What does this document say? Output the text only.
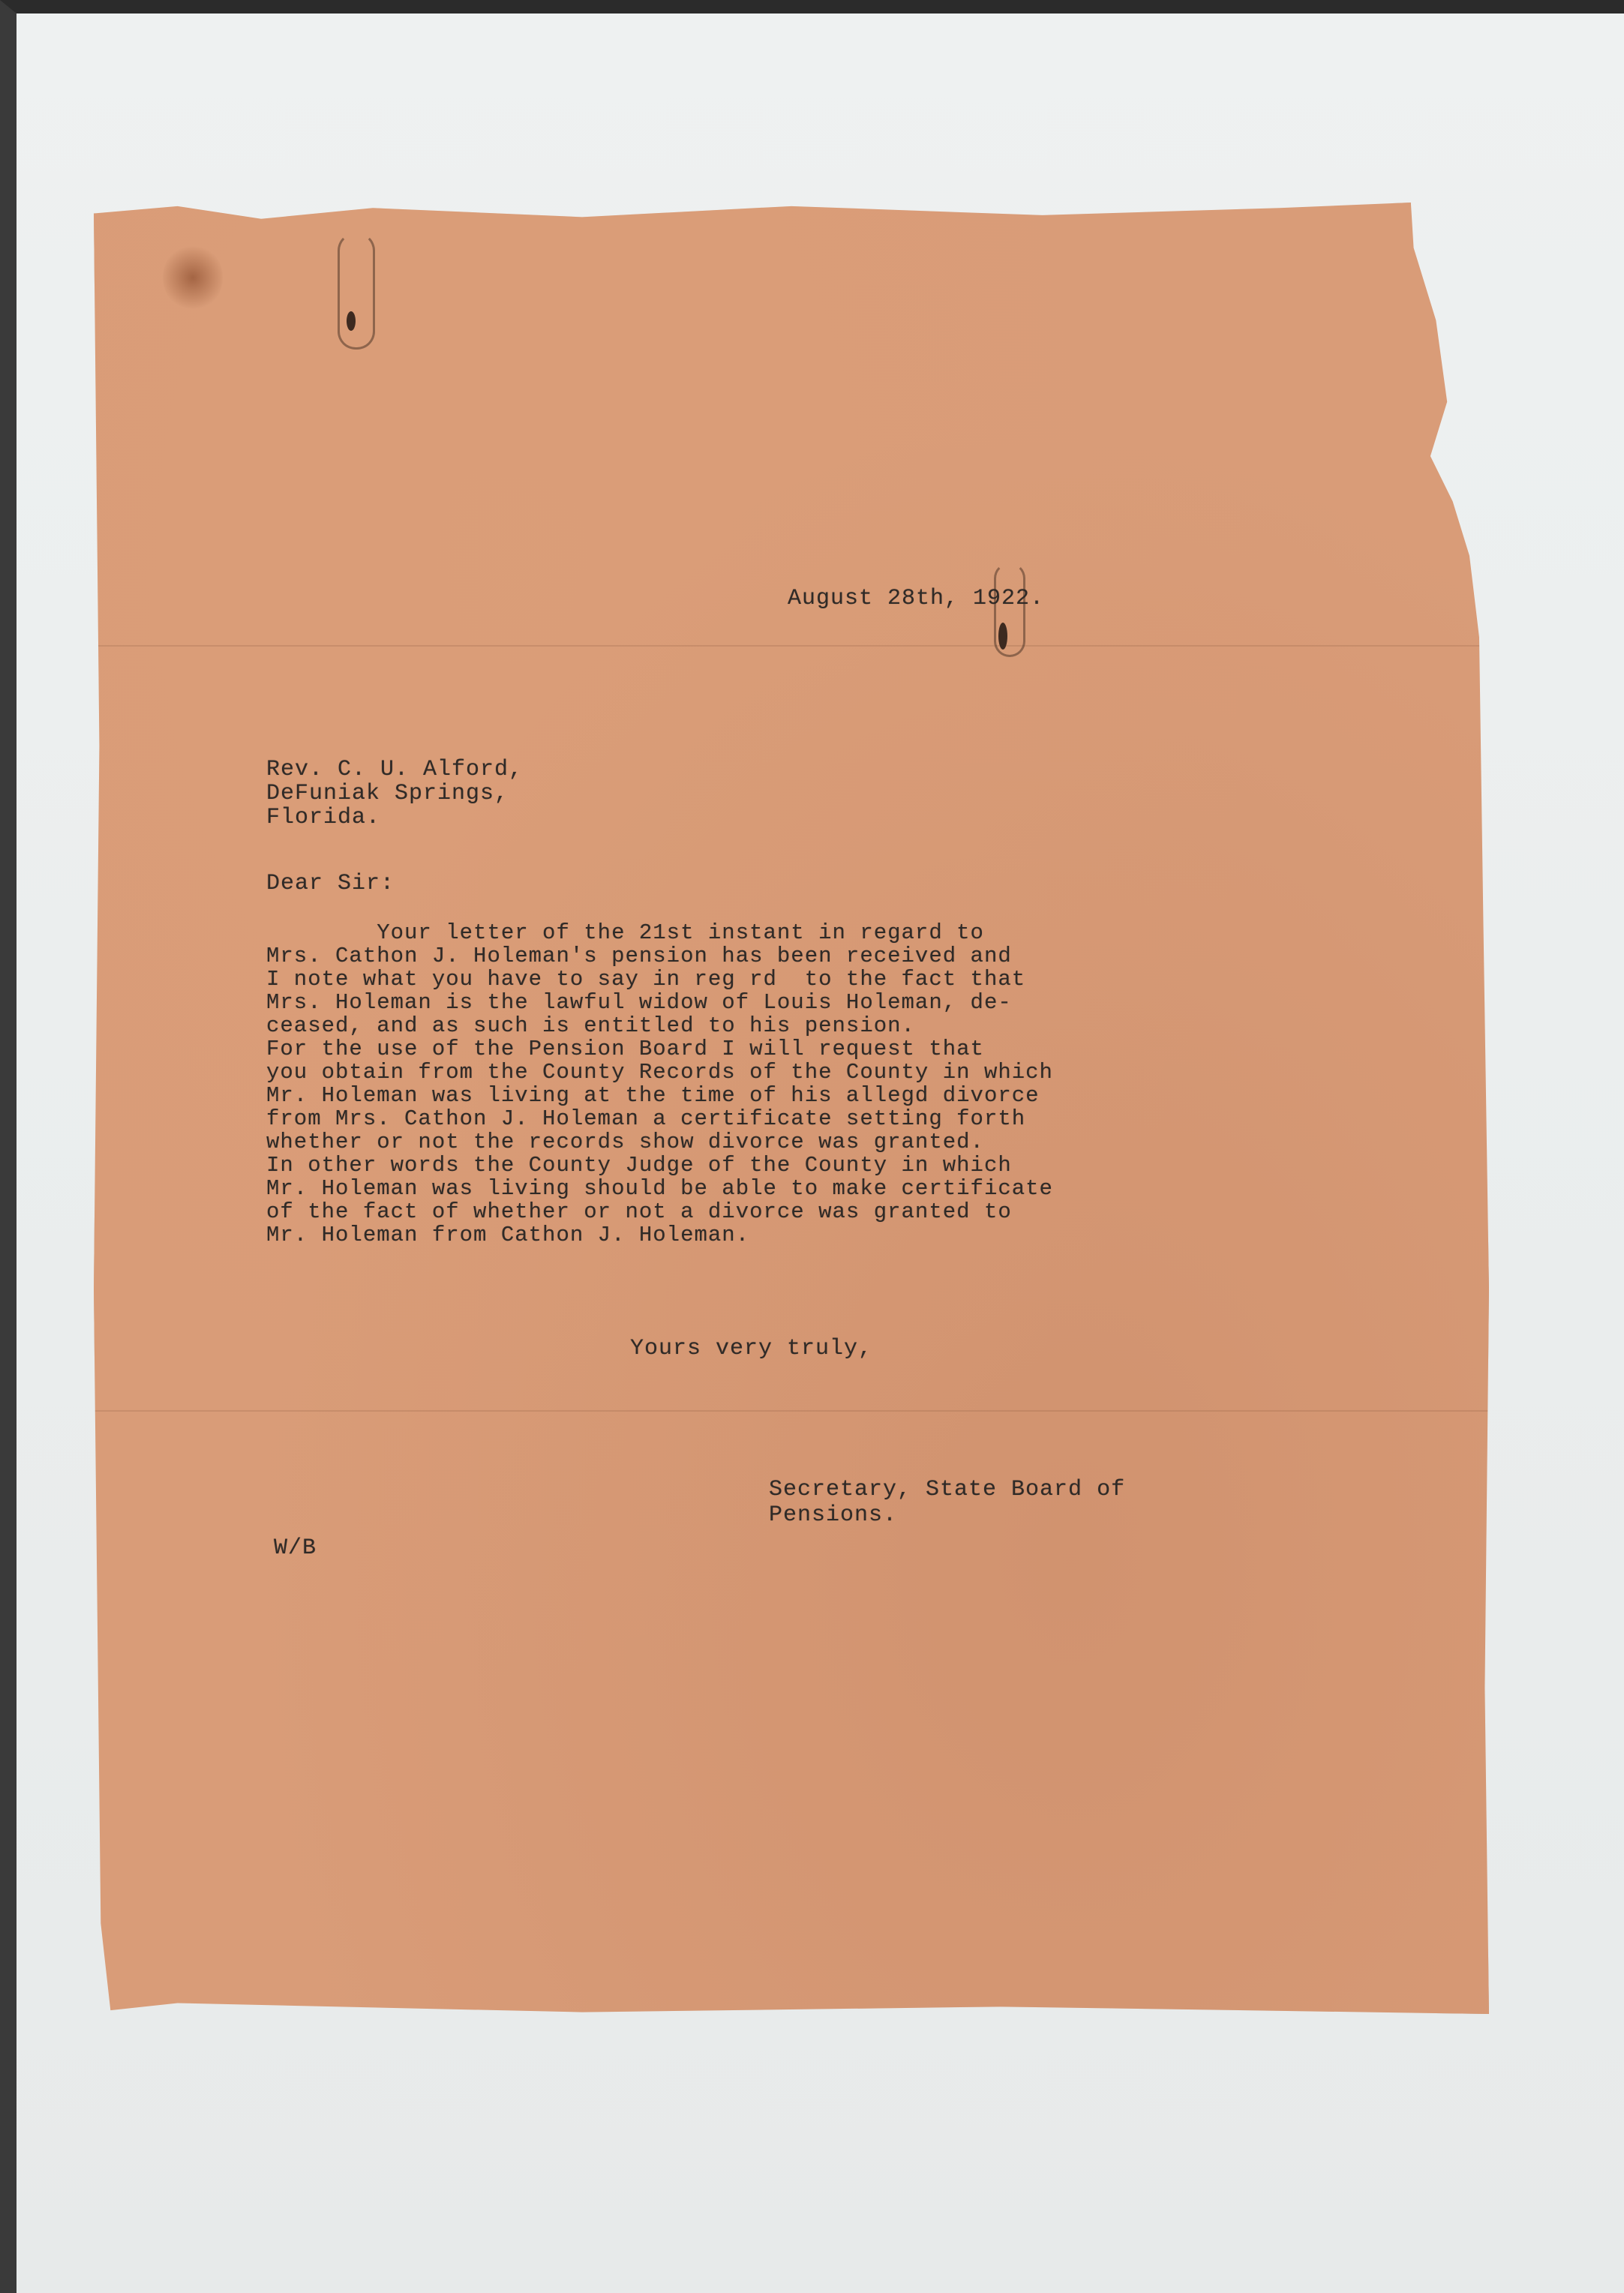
August 28th, 1922.
Rev. C. U. Alford,
DeFuniak Springs,
Florida.
Dear Sir:
Your letter of the 21st instant in regard to
Mrs. Cathon J. Holeman's pension has been received and
I note what you have to say in reg rd  to the fact that
Mrs. Holeman is the lawful widow of Louis Holeman, de-
ceased, and as such is entitled to his pension.
For the use of the Pension Board I will request that
you obtain from the County Records of the County in which
Mr. Holeman was living at the time of his allegd divorce
from Mrs. Cathon J. Holeman a certificate setting forth
whether or not the records show divorce was granted.
In other words the County Judge of the County in which
Mr. Holeman was living should be able to make certificate
of the fact of whether or not a divorce was granted to
Mr. Holeman from Cathon J. Holeman.
Yours very truly,
Secretary, State Board of
Pensions.
W/B
